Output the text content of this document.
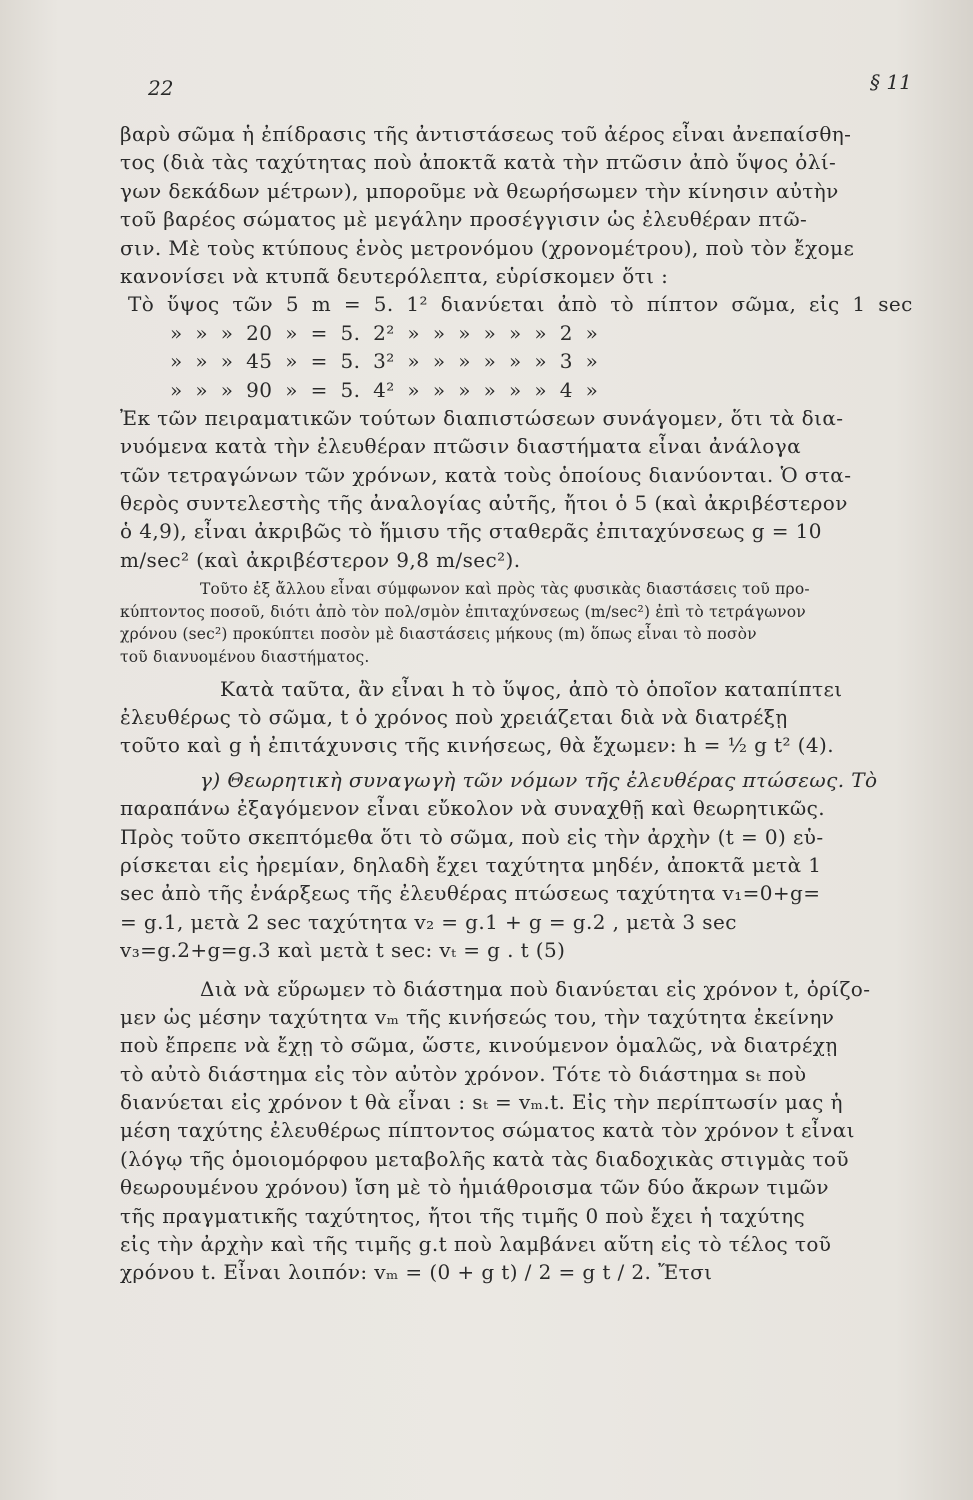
22	§ 11
βαρὺ σῶμα ἡ ἐπίδρασις τῆς ἀντιστάσεως τοῦ ἀέρος εἶναι ἀνεπαίσθη-
τος (διὰ τὰς ταχύτητας ποὺ ἀποκτᾶ κατὰ τὴν πτῶσιν ἀπὸ ὕψος ὀλί-
γων δεκάδων μέτρων), μποροῦμε νὰ θεωρήσωμεν τὴν κίνησιν αὐτὴν
τοῦ βαρέος σώματος μὲ μεγάλην προσέγγισιν ὡς ἐλευθέραν πτῶ-
σιν. Μὲ τοὺς κτύπους ἑνὸς μετρονόμου (χρονομέτρου), ποὺ τὸν ἔχομε
κανονίσει νὰ κτυπᾶ δευτερόλεπτα, εὑρίσκομεν ὅτι :
Τὸ ὕψος τῶν 5 m = 5. 1² διανύεται ἀπὸ τὸ πίπτον σῶμα, εἰς 1 sec
» » » 20 » = 5. 2² » » » » » » 2 »
» » » 45 » = 5. 3² » » » » » » 3 »
» » » 90 » = 5. 4² » » » » » » 4 »
Ἐκ τῶν πειραματικῶν τούτων διαπιστώσεων συνάγομεν, ὅτι τὰ δια-
νυόμενα κατὰ τὴν ἐλευθέραν πτῶσιν διαστήματα εἶναι ἀνάλογα
τῶν τετραγώνων τῶν χρόνων, κατὰ τοὺς ὁποίους διανύονται. Ὁ στα-
θερὸς συντελεστὴς τῆς ἀναλογίας αὐτῆς, ἤτοι ὁ 5 (καὶ ἀκριβέστερον
ὁ 4,9), εἶναι ἀκριβῶς τὸ ἥμισυ τῆς σταθερᾶς ἐπιταχύνσεως g = 10
m/sec² (καὶ ἀκριβέστερον 9,8 m/sec²).
Τοῦτο ἐξ ἄλλου εἶναι σύμφωνον καὶ πρὸς τὰς φυσικὰς διαστάσεις τοῦ προ-
κύπτοντος ποσοῦ, διότι ἀπὸ τὸν πολ/σμὸν ἐπιταχύνσεως (m/sec²) ἐπὶ τὸ τετράγωνον
χρόνου (sec²) προκύπτει ποσὸν μὲ διαστάσεις μήκους (m) ὅπως εἶναι τὸ ποσὸν
τοῦ διανυομένου διαστήματος.
Κατὰ ταῦτα, ἂν εἶναι h τὸ ὕψος, ἀπὸ τὸ ὁποῖον καταπίπτει
ἐλευθέρως τὸ σῶμα, t ὁ χρόνος ποὺ χρειάζεται διὰ νὰ διατρέξῃ
τοῦτο καὶ g ἡ ἐπιτάχυνσις τῆς κινήσεως, θὰ ἔχωμεν: h = ½ g t² (4).
γ) Θεωρητικὴ συναγωγὴ τῶν νόμων τῆς ἐλευθέρας πτώσεως. Τὸ
παραπάνω ἐξαγόμενον εἶναι εὔκολον νὰ συναχθῇ καὶ θεωρητικῶς.
Πρὸς τοῦτο σκεπτόμεθα ὅτι τὸ σῶμα, ποὺ εἰς τὴν ἀρχὴν (t = 0) εὑ-
ρίσκεται εἰς ἠρεμίαν, δηλαδὴ ἔχει ταχύτητα μηδέν, ἀποκτᾶ μετὰ 1
sec ἀπὸ τῆς ἐνάρξεως τῆς ἐλευθέρας πτώσεως ταχύτητα v₁=0+g=
= g.1, μετὰ 2 sec ταχύτητα v₂ = g.1 + g = g.2 , μετὰ 3 sec
v₃=g.2+g=g.3 καὶ μετὰ t sec: vₜ = g . t (5)
Διὰ νὰ εὕρωμεν τὸ διάστημα ποὺ διανύεται εἰς χρόνον t, ὁρίζο-
μεν ὡς μέσην ταχύτητα vₘ τῆς κινήσεώς του, τὴν ταχύτητα ἐκείνην
ποὺ ἔπρεπε νὰ ἔχῃ τὸ σῶμα, ὥστε, κινούμενον ὁμαλῶς, νὰ διατρέχῃ
τὸ αὐτὸ διάστημα εἰς τὸν αὐτὸν χρόνον. Τότε τὸ διάστημα sₜ ποὺ
διανύεται εἰς χρόνον t θὰ εἶναι : sₜ = vₘ.t. Εἰς τὴν περίπτωσίν μας ἡ
μέση ταχύτης ἐλευθέρως πίπτοντος σώματος κατὰ τὸν χρόνον t εἶναι
(λόγῳ τῆς ὁμοιομόρφου μεταβολῆς κατὰ τὰς διαδοχικὰς στιγμὰς τοῦ
θεωρουμένου χρόνου) ἴση μὲ τὸ ἡμιάθροισμα τῶν δύο ἄκρων τιμῶν
τῆς πραγματικῆς ταχύτητος, ἤτοι τῆς τιμῆς 0 ποὺ ἔχει ἡ ταχύτης
εἰς τὴν ἀρχὴν καὶ τῆς τιμῆς g.t ποὺ λαμβάνει αὕτη εἰς τὸ τέλος τοῦ
χρόνου t. Εἶναι λοιπόν: vₘ = (0 + g t) / 2 = g t / 2. Ἔτσι
